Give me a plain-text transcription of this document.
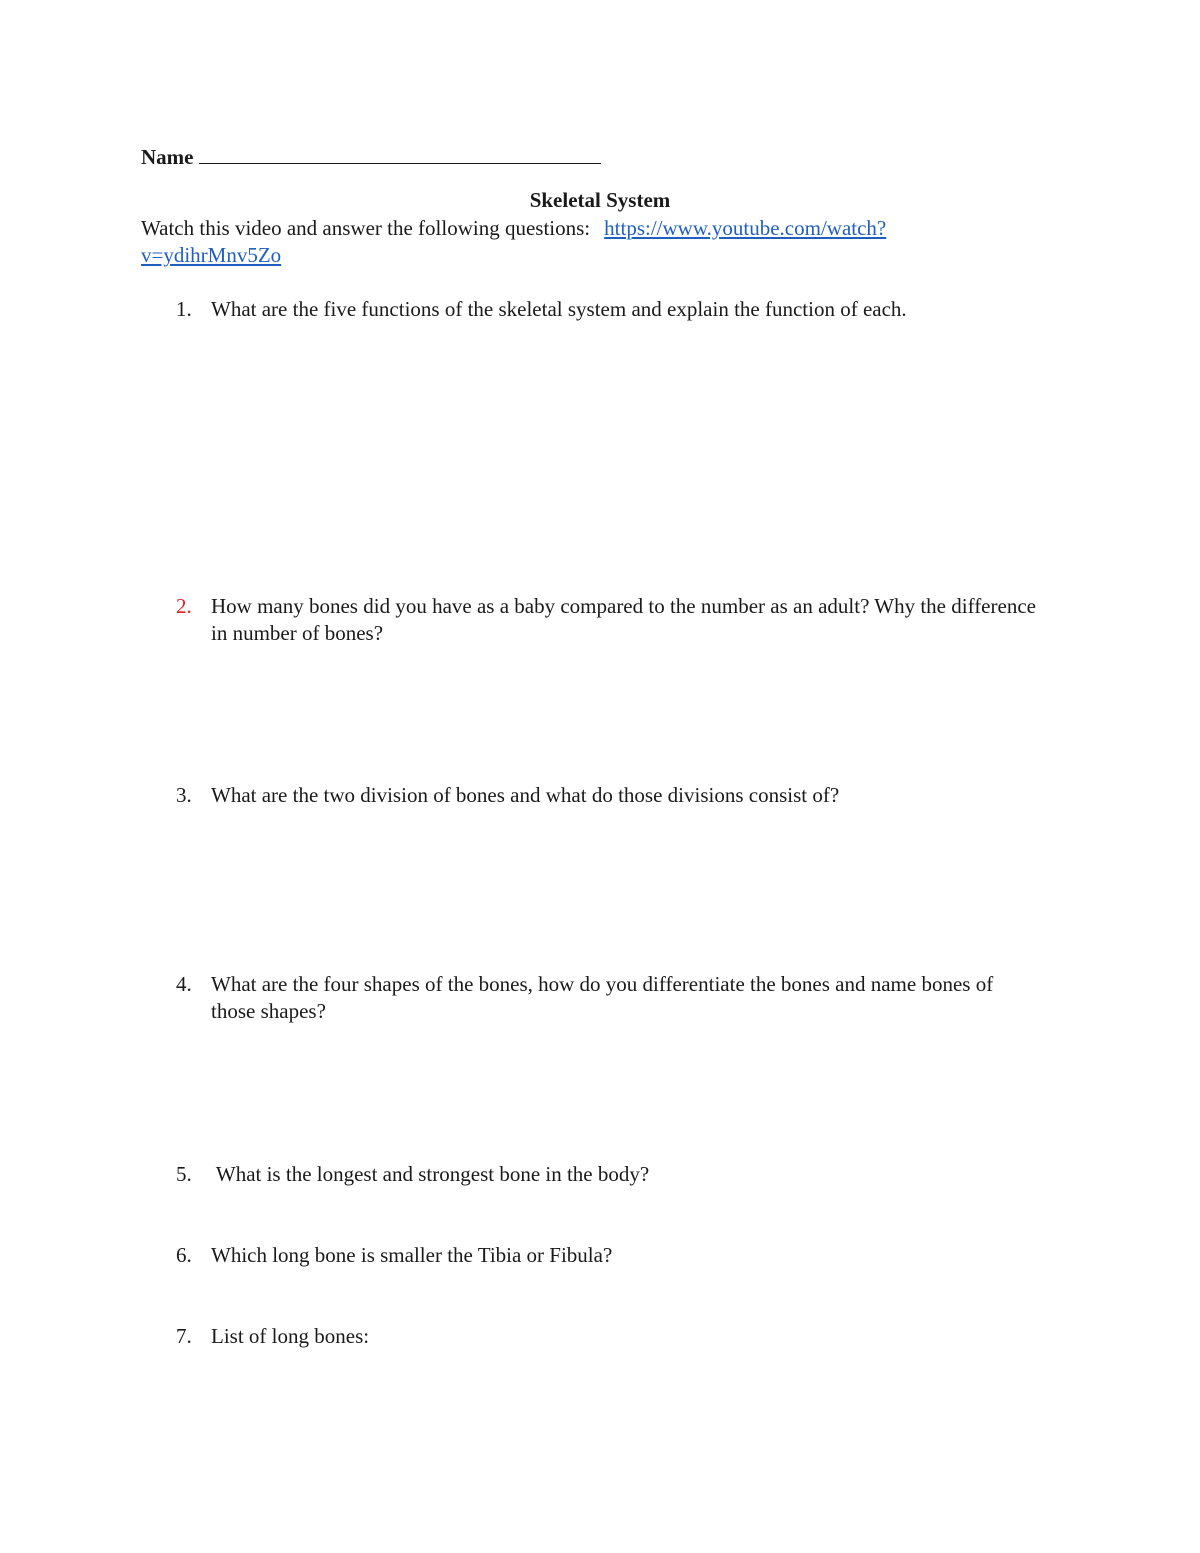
Name
Skeletal System
Watch this video and answer the following questions: https://www.youtube.com/watch?
v=ydihrMnv5Zo
1. What are the five functions of the skeletal system and explain the function of each.
2. How many bones did you have as a baby compared to the number as an adult? Why the difference in number of bones?
3. What are the two division of bones and what do those divisions consist of?
4. What are the four shapes of the bones, how do you differentiate the bones and name bones of those shapes?
5. What is the longest and strongest bone in the body?
6. Which long bone is smaller the Tibia or Fibula?
7. List of long bones:
